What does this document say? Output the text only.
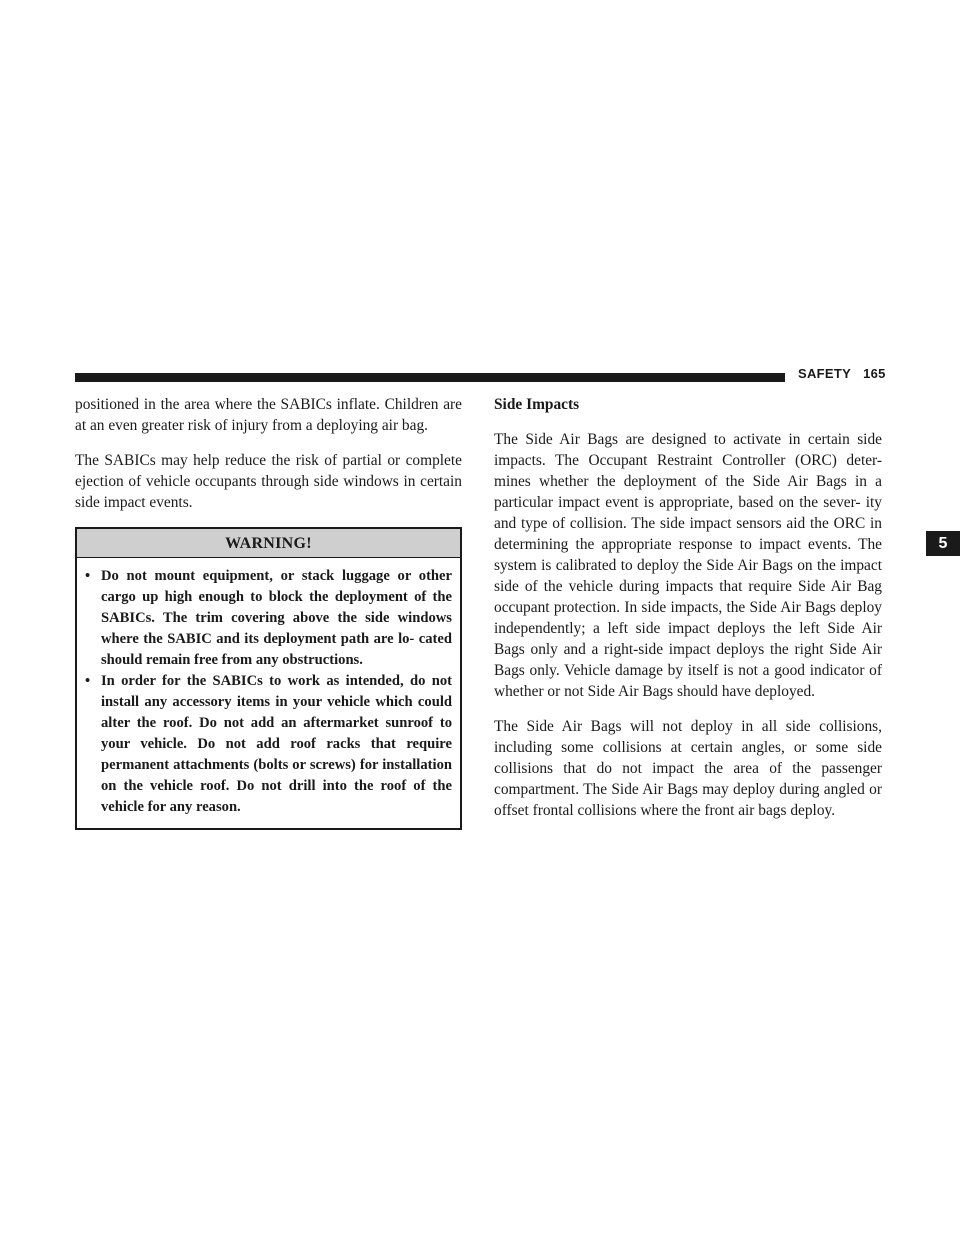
SAFETY 165
5

positioned in the area where the SABICs inflate. Children are at an even greater risk of injury from a deploying air bag.

The SABICs may help reduce the risk of partial or complete ejection of vehicle occupants through side windows in certain side impact events.

WARNING!
• Do not mount equipment, or stack luggage or other cargo up high enough to block the deployment of the SABICs. The trim covering above the side windows where the SABIC and its deployment path are lo- cated should remain free from any obstructions.
• In order for the SABICs to work as intended, do not install any accessory items in your vehicle which could alter the roof. Do not add an aftermarket sunroof to your vehicle. Do not add roof racks that require permanent attachments (bolts or screws) for installation on the vehicle roof. Do not drill into the roof of the vehicle for any reason.
Side Impacts

The Side Air Bags are designed to activate in certain side impacts. The Occupant Restraint Controller (ORC) deter- mines whether the deployment of the Side Air Bags in a particular impact event is appropriate, based on the sever- ity and type of collision. The side impact sensors aid the ORC in determining the appropriate response to impact events. The system is calibrated to deploy the Side Air Bags on the impact side of the vehicle during impacts that require Side Air Bag occupant protection. In side impacts, the Side Air Bags deploy independently; a left side impact deploys the left Side Air Bags only and a right-side impact deploys the right Side Air Bags only. Vehicle damage by itself is not a good indicator of whether or not Side Air Bags should have deployed.

The Side Air Bags will not deploy in all side collisions, including some collisions at certain angles, or some side collisions that do not impact the area of the passenger compartment. The Side Air Bags may deploy during angled or offset frontal collisions where the front air bags deploy.
